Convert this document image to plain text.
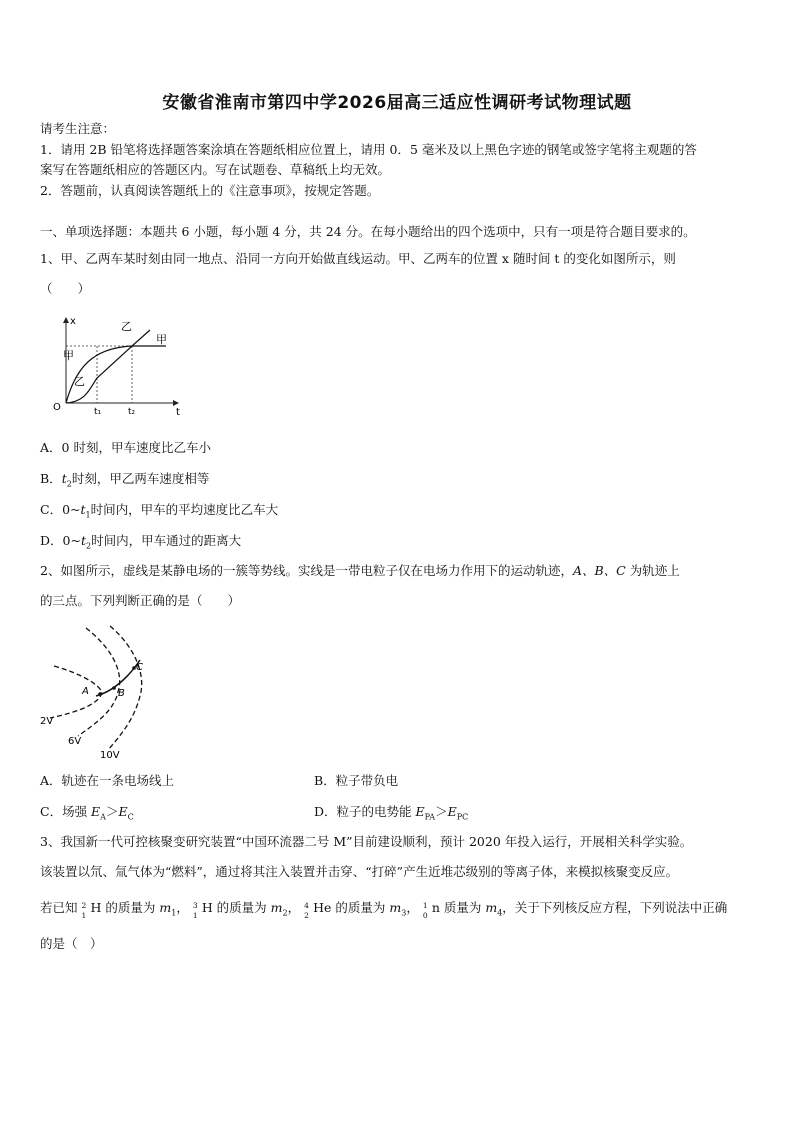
安徽省淮南市第四中学2026届高三适应性调研考试物理试题
请考生注意：
1．请用 2B 铅笔将选择题答案涂填在答题纸相应位置上，请用 0．5 毫米及以上黑色字迹的钢笔或签字笔将主观题的答
案写在答题纸相应的答题区内。写在试题卷、草稿纸上均无效。
2．答题前，认真阅读答题纸上的《注意事项》，按规定答题。
一、单项选择题：本题共 6 小题，每小题 4 分，共 24 分。在每小题给出的四个选项中，只有一项是符合题目要求的。
1、甲、乙两车某时刻由同一地点、沿同一方向开始做直线运动。甲、乙两车的位置 x 随时间 t 的变化如图所示，则
（　　）
x
t
O	t₁	t₂
甲
甲
乙
乙
A．0 时刻，甲车速度比乙车小
B．$t_2$时刻，甲乙两车速度相等
C．$0\sim t_1$时间内，甲车的平均速度比乙车大
D．$0\sim t_2$时间内，甲车通过的距离大
2、如图所示，虚线是某静电场的一簇等势线。实线是一带电粒子仅在电场力作用下的运动轨迹，A、B、C 为轨迹上
的三点。下列判断正确的是（　　）
A	B
C
2V
6V
10V
A．轨迹在一条电场线上	B．粒子带负电
C．场强 $E_A>E_C$	D．粒子的电势能 $E_{PA}>E_{PC}$
3、我国新一代可控核聚变研究装置“中国环流器二号 M”目前建设顺利，预计 2020 年投入运行，开展相关科学实验。
该装置以氘、氚气体为“燃料”，通过将其注入装置并击穿、“打碎”产生近堆芯级别的等离子体，来模拟核聚变反应。
若已知 2
1
H 的质量为 $m_1$， 3
1
H 的质量为 $m_2$， 4
2
He 的质量为 $m_3$， 1
0
n 质量为 $m_4$，关于下列核反应方程，下列说法中正确
的是（　）
